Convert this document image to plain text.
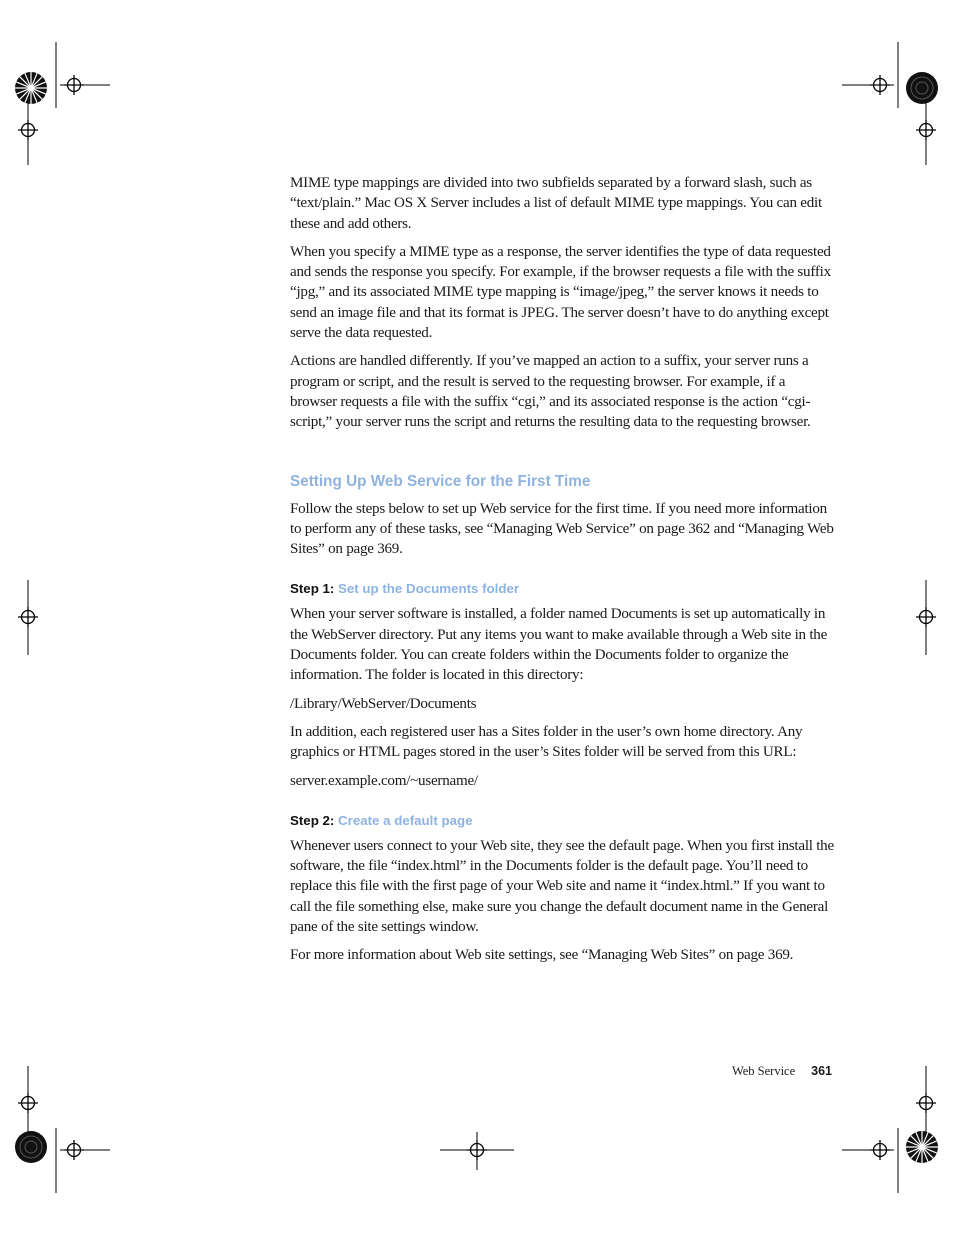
MIME type mappings are divided into two subfields separated by a forward slash, such as “text/plain.” Mac OS X Server includes a list of default MIME type mappings. You can edit these and add others.

When you specify a MIME type as a response, the server identifies the type of data requested and sends the response you specify. For example, if the browser requests a file with the suffix “jpg,” and its associated MIME type mapping is “image/jpeg,” the server knows it needs to send an image file and that its format is JPEG. The server doesn’t have to do anything except serve the data requested.

Actions are handled differently. If you’ve mapped an action to a suffix, your server runs a program or script, and the result is served to the requesting browser. For example, if a browser requests a file with the suffix “cgi,” and its associated response is the action “cgi-script,” your server runs the script and returns the resulting data to the requesting browser.

Setting Up Web Service for the First Time

Follow the steps below to set up Web service for the first time. If you need more information to perform any of these tasks, see “Managing Web Service” on page 362 and “Managing Web Sites” on page 369.

Step 1: Set up the Documents folder

When your server software is installed, a folder named Documents is set up automatically in the WebServer directory. Put any items you want to make available through a Web site in the Documents folder. You can create folders within the Documents folder to organize the information. The folder is located in this directory:

/Library/WebServer/Documents

In addition, each registered user has a Sites folder in the user’s own home directory. Any graphics or HTML pages stored in the user’s Sites folder will be served from this URL:

server.example.com/~username/

Step 2: Create a default page

Whenever users connect to your Web site, they see the default page. When you first install the software, the file “index.html” in the Documents folder is the default page. You’ll need to replace this file with the first page of your Web site and name it “index.html.” If you want to call the file something else, make sure you change the default document name in the General pane of the site settings window.

For more information about Web site settings, see “Managing Web Sites” on page 369.

Web Service 361
